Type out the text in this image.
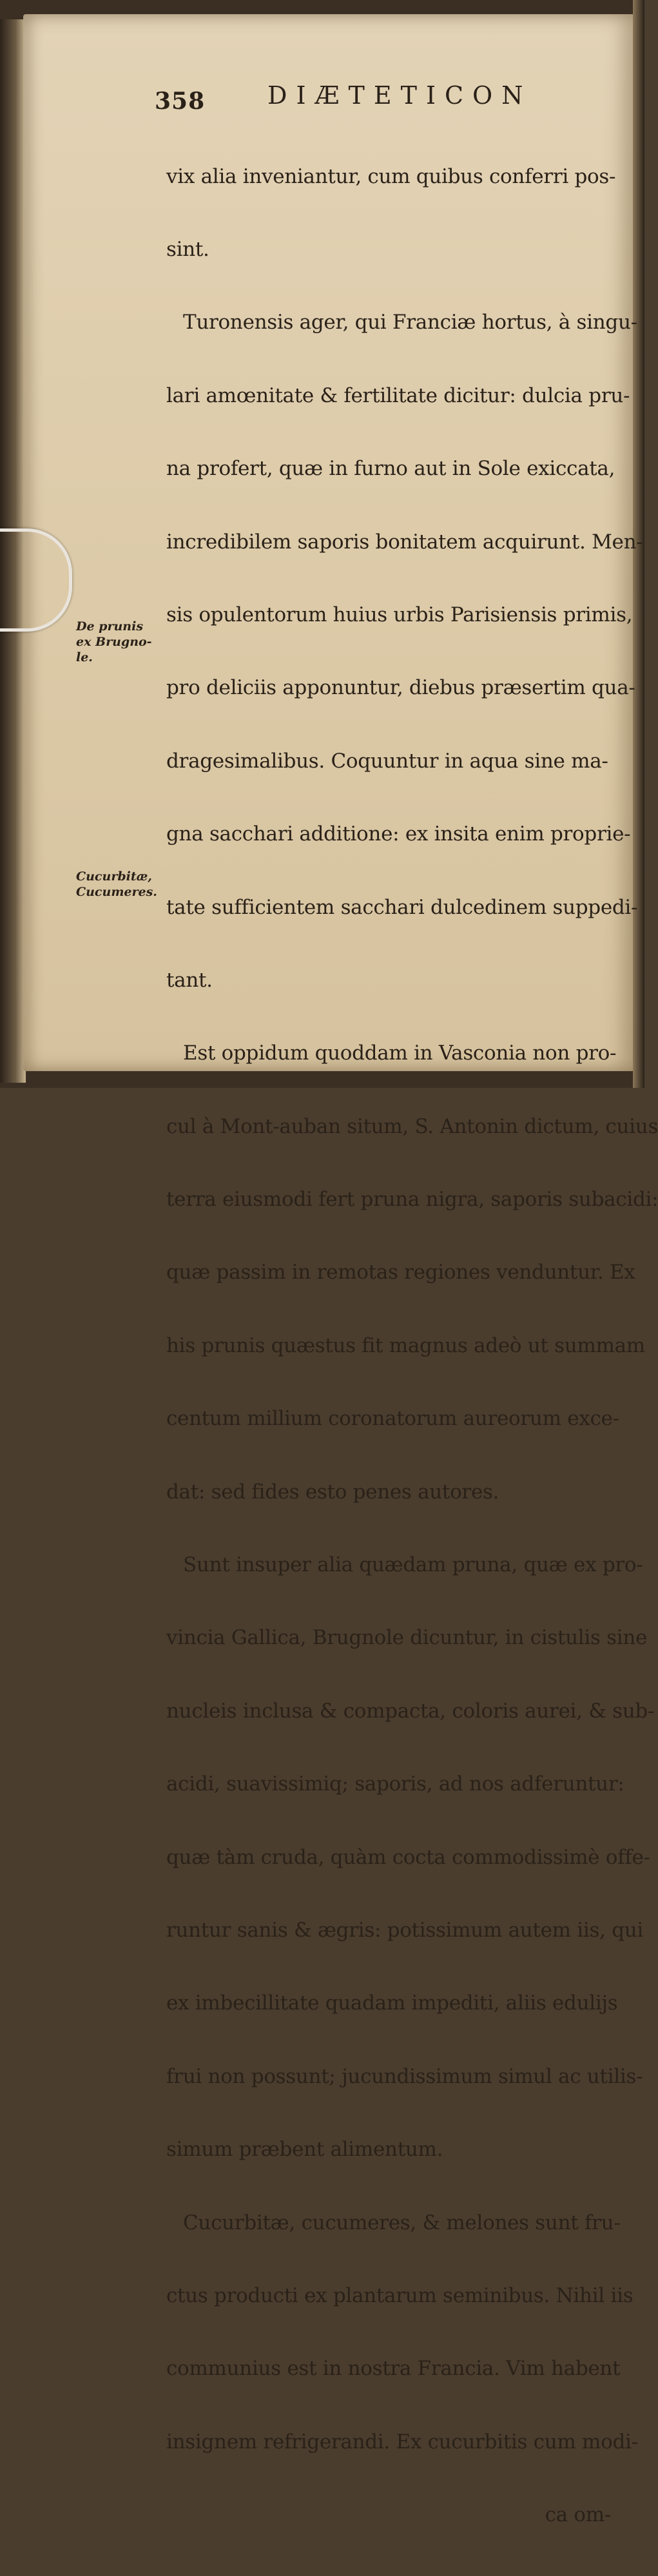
358	DIÆTETICON

vix alia inveniantur, cum quibus conferri pos-

sint.

Turonensis ager, qui Franciæ hortus, à singu-

lari amœnitate & fertilitate dicitur: dulcia pru-

na profert, quæ in furno aut in Sole exiccata,

incredibilem saporis bonitatem acquirunt. Men-

sis opulentorum huius urbis Parisiensis primis,

pro deliciis apponuntur, diebus præsertim qua-

dragesimalibus. Coquuntur in aqua sine ma-

gna sacchari additione: ex insita enim proprie-

tate sufficientem sacchari dulcedinem suppedi-

tant.

Est oppidum quoddam in Vasconia non pro-

cul à Mont-auban situm, S. Antonin dictum, cuius

terra eiusmodi fert pruna nigra, saporis subacidi:

quæ passim in remotas regiones venduntur. Ex

his prunis quæstus fit magnus adeò ut summam

centum millium coronatorum aureorum exce-

dat: sed fides esto penes autores.

Sunt insuper alia quædam pruna, quæ ex pro-

vincia Gallica, Brugnole dicuntur, in cistulis sine

nucleis inclusa & compacta, coloris aurei, & sub-

acidi, suavissimiq; saporis, ad nos adferuntur:

quæ tàm cruda, quàm cocta commodissimè offe-

runtur sanis & ægris: potissimum autem iis, qui

ex imbecillitate quadam impediti, aliis edulijs

frui non possunt; jucundissimum simul ac utilis-

simum præbent alimentum.

Cucurbitæ, cucumeres, & melones sunt fru-

ctus producti ex plantarum seminibus. Nihil iis

communius est in nostra Francia. Vim habent

insignem refrigerandi. Ex cucurbitis cum modi-

ca om-

De prunis
ex Brugno-
le.
Cucurbitæ,
Cucumeres.
